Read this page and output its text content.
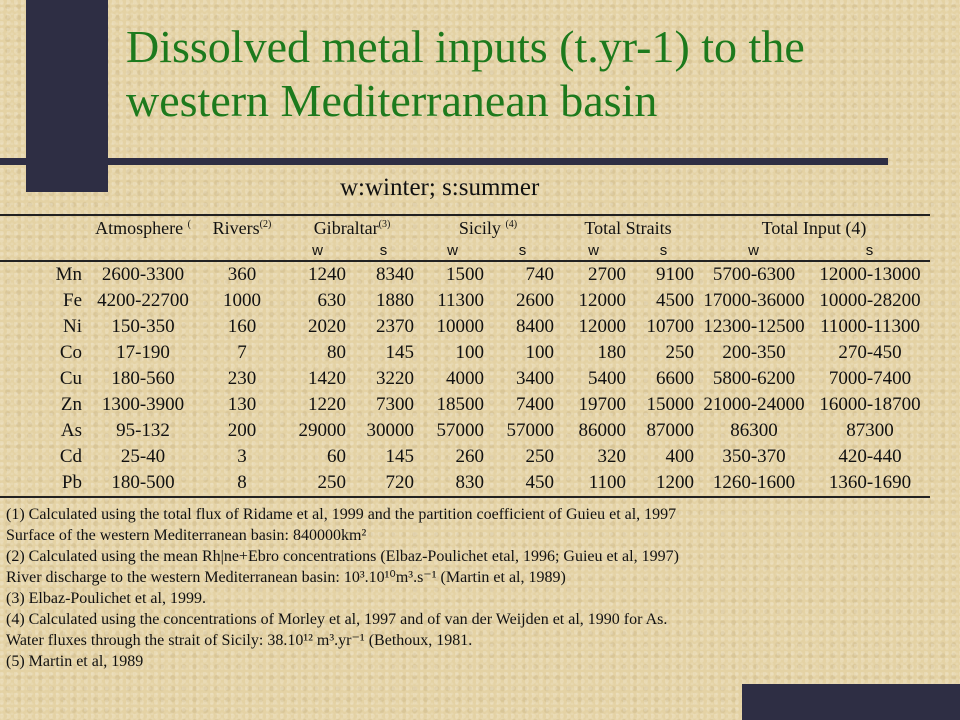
Dissolved metal inputs (t.yr-1) to the
western Mediterranean basin
w:winter; s:summer
	Atmosphere (	Rivers$^{(2)}$	Gibraltar$^{(3)}$		Sicily $^{(4)}$		Total Straits		Total Input (4)	
			w	s	w	s	w	s	w	s

Mn	2600-3300	360	1240	8340	1500	740	2700	9100	5700-6300	12000-13000
Fe	4200-22700	1000	630	1880	11300	2600	12000	4500	17000-36000	10000-28200
Ni	150-350	160	2020	2370	10000	8400	12000	10700	12300-12500	11000-11300
Co	17-190	7	80	145	100	100	180	250	200-350	270-450
Cu	180-560	230	1420	3220	4000	3400	5400	6600	5800-6200	7000-7400
Zn	1300-3900	130	1220	7300	18500	7400	19700	15000	21000-24000	16000-18700
As	95-132	200	29000	30000	57000	57000	86000	87000	86300	87300
Cd	25-40	3	60	145	260	250	320	400	350-370	420-440
Pb	180-500	8	250	720	830	450	1100	1200	1260-1600	1360-1690
(1) Calculated using the total flux of Ridame et al, 1999 and the partition coefficient of Guieu et al, 1997
Surface of the western Mediterranean basin: 840000km²
(2) Calculated using the mean Rh|ne+Ebro concentrations (Elbaz-Poulichet etal, 1996; Guieu et al, 1997)
River discharge to the western Mediterranean basin: 10³.10¹⁰m³.s⁻¹ (Martin et al, 1989)
(3) Elbaz-Poulichet et al, 1999.
(4) Calculated using the concentrations of Morley et al, 1997 and of van der Weijden et al, 1990 for As.
Water fluxes through the strait of Sicily: 38.10¹² m³.yr⁻¹ (Bethoux, 1981.
(5) Martin et al, 1989
